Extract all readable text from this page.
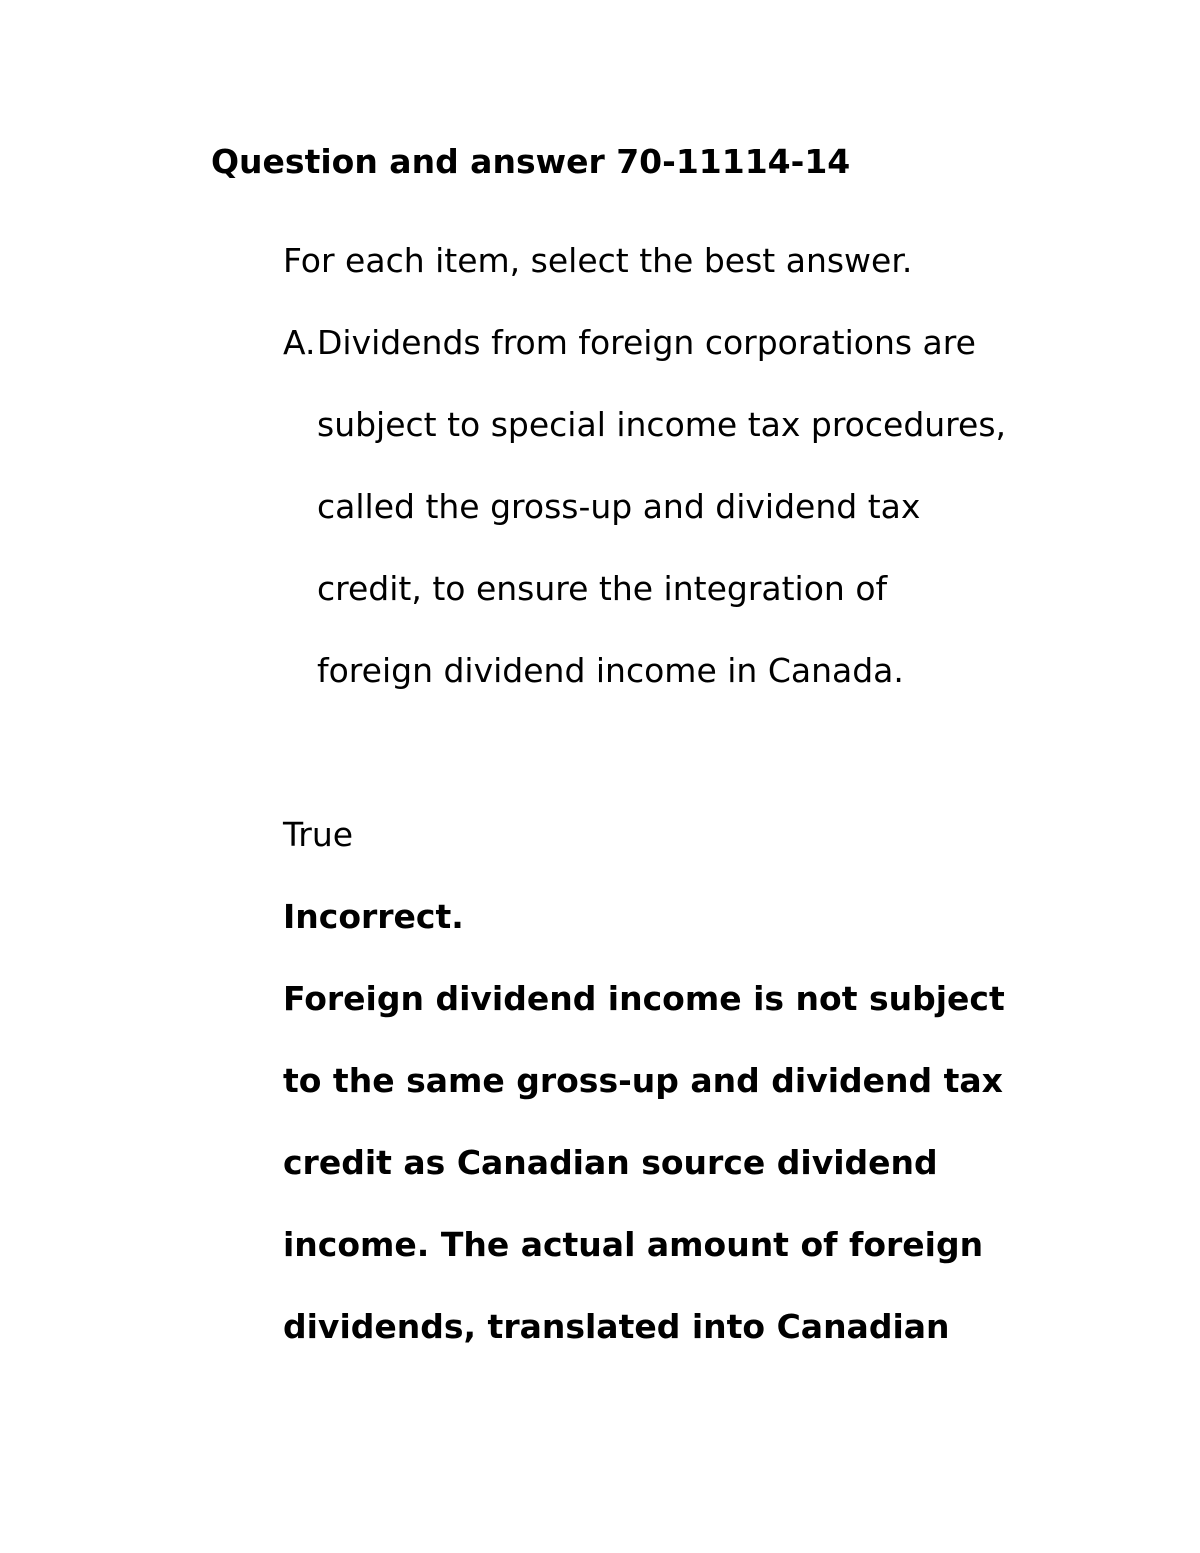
Question and answer 70-11114-14
For each item, select the best answer.
A. Dividends from foreign corporations are
subject to special income tax procedures,
called the gross-up and dividend tax
credit, to ensure the integration of
foreign dividend income in Canada.
True
Incorrect.
Foreign dividend income is not subject
to the same gross-up and dividend tax
credit as Canadian source dividend
income. The actual amount of foreign
dividends, translated into Canadian
